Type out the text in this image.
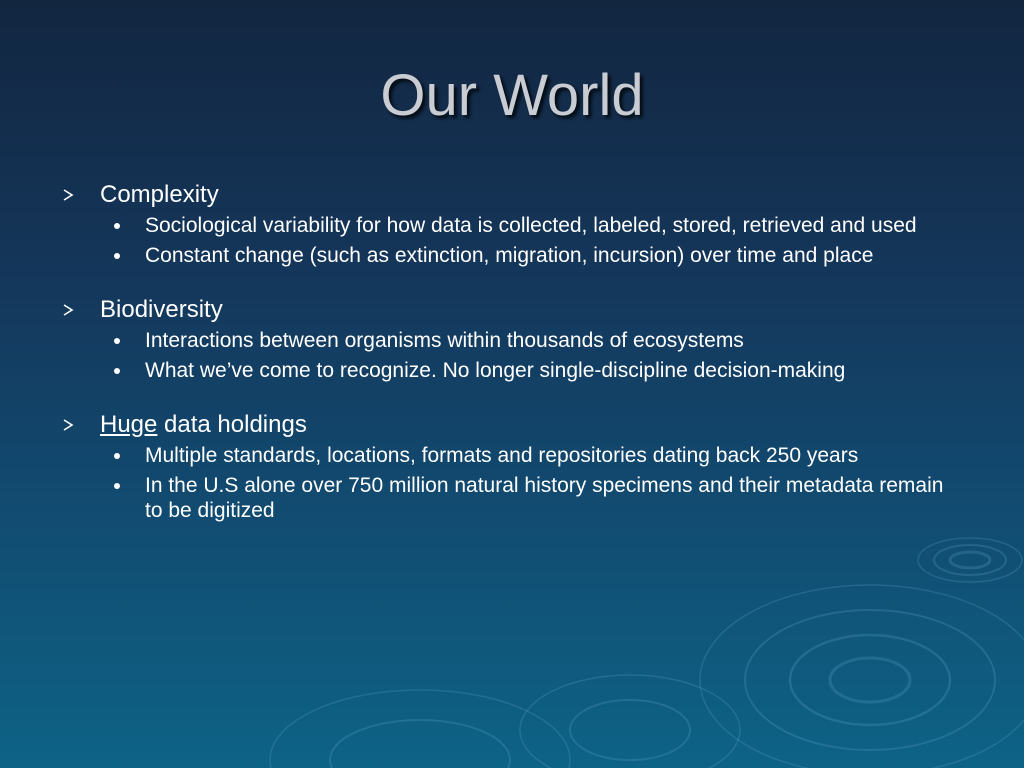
Our World
Complexity
Sociological variability for how data is collected, labeled, stored, retrieved and used
Constant change (such as extinction, migration, incursion) over time and place
Biodiversity
Interactions between organisms within thousands of ecosystems
What we’ve come to recognize. No longer single-discipline decision-making
Huge data holdings
Multiple standards, locations, formats and repositories dating back 250 years
In the U.S alone over 750 million natural history specimens and their metadata remain to be digitized
